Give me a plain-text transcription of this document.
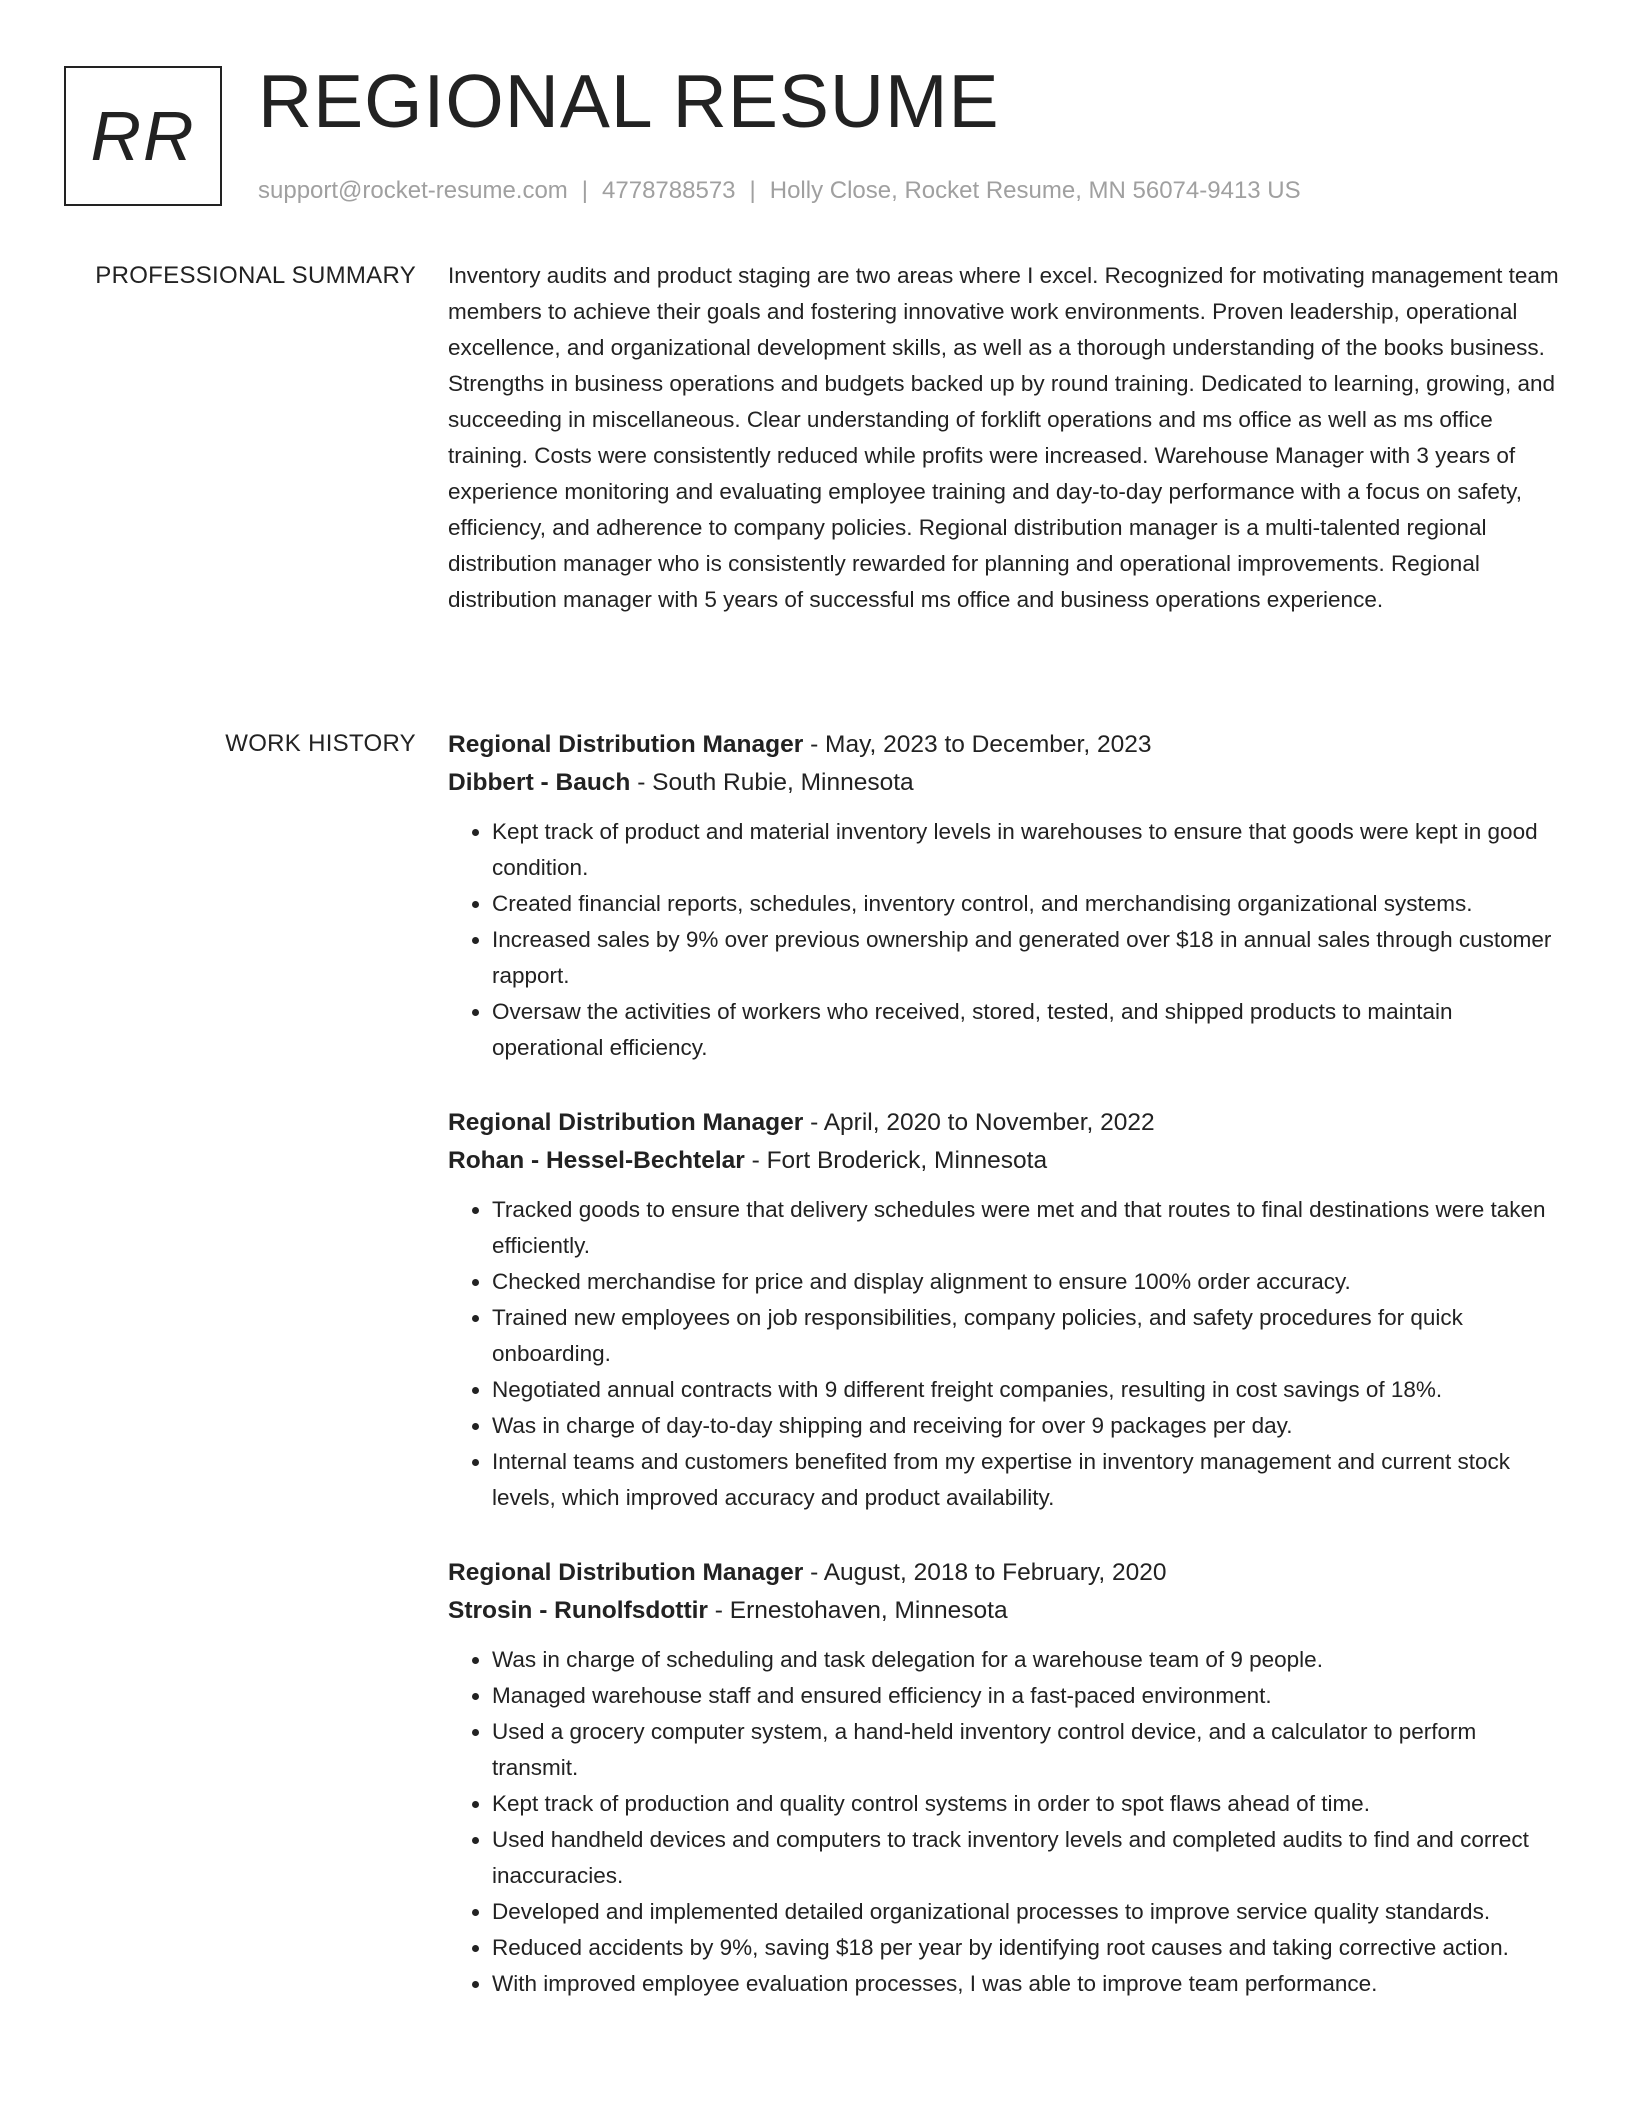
RR REGIONAL RESUME
support@rocket-resume.com | 4778788573 | Holly Close, Rocket Resume, MN 56074-9413 US
PROFESSIONAL SUMMARY Inventory audits and product staging are two areas where I excel. Recognized for motivating management team members to achieve their goals and fostering innovative work environments. Proven leadership, operational excellence, and organizational development skills, as well as a thorough understanding of the books business. Strengths in business operations and budgets backed up by round training. Dedicated to learning, growing, and succeeding in miscellaneous. Clear understanding of forklift operations and ms office as well as ms office training. Costs were consistently reduced while profits were increased. Warehouse Manager with 3 years of experience monitoring and evaluating employee training and day-to-day performance with a focus on safety, efficiency, and adherence to company policies. Regional distribution manager is a multi-talented regional distribution manager who is consistently rewarded for planning and operational improvements. Regional distribution manager with 5 years of successful ms office and business operations experience.

WORK HISTORY Regional Distribution Manager - May, 2023 to December, 2023
Dibbert - Bauch - South Rubie, Minnesota
• Kept track of product and material inventory levels in warehouses to ensure that goods were kept in good condition.
• Created financial reports, schedules, inventory control, and merchandising organizational systems.
• Increased sales by 9% over previous ownership and generated over $18 in annual sales through customer rapport.
• Oversaw the activities of workers who received, stored, tested, and shipped products to maintain operational efficiency.
Regional Distribution Manager - April, 2020 to November, 2022
Rohan - Hessel-Bechtelar - Fort Broderick, Minnesota
• Tracked goods to ensure that delivery schedules were met and that routes to final destinations were taken efficiently.
• Checked merchandise for price and display alignment to ensure 100% order accuracy.
• Trained new employees on job responsibilities, company policies, and safety procedures for quick onboarding.
• Negotiated annual contracts with 9 different freight companies, resulting in cost savings of 18%.
• Was in charge of day-to-day shipping and receiving for over 9 packages per day.
• Internal teams and customers benefited from my expertise in inventory management and current stock levels, which improved accuracy and product availability.
Regional Distribution Manager - August, 2018 to February, 2020
Strosin - Runolfsdottir - Ernestohaven, Minnesota
• Was in charge of scheduling and task delegation for a warehouse team of 9 people.
• Managed warehouse staff and ensured efficiency in a fast-paced environment.
• Used a grocery computer system, a hand-held inventory control device, and a calculator to perform transmit.
• Kept track of production and quality control systems in order to spot flaws ahead of time.
• Used handheld devices and computers to track inventory levels and completed audits to find and correct inaccuracies.
• Developed and implemented detailed organizational processes to improve service quality standards.
• Reduced accidents by 9%, saving $18 per year by identifying root causes and taking corrective action.
• With improved employee evaluation processes, I was able to improve team performance.
